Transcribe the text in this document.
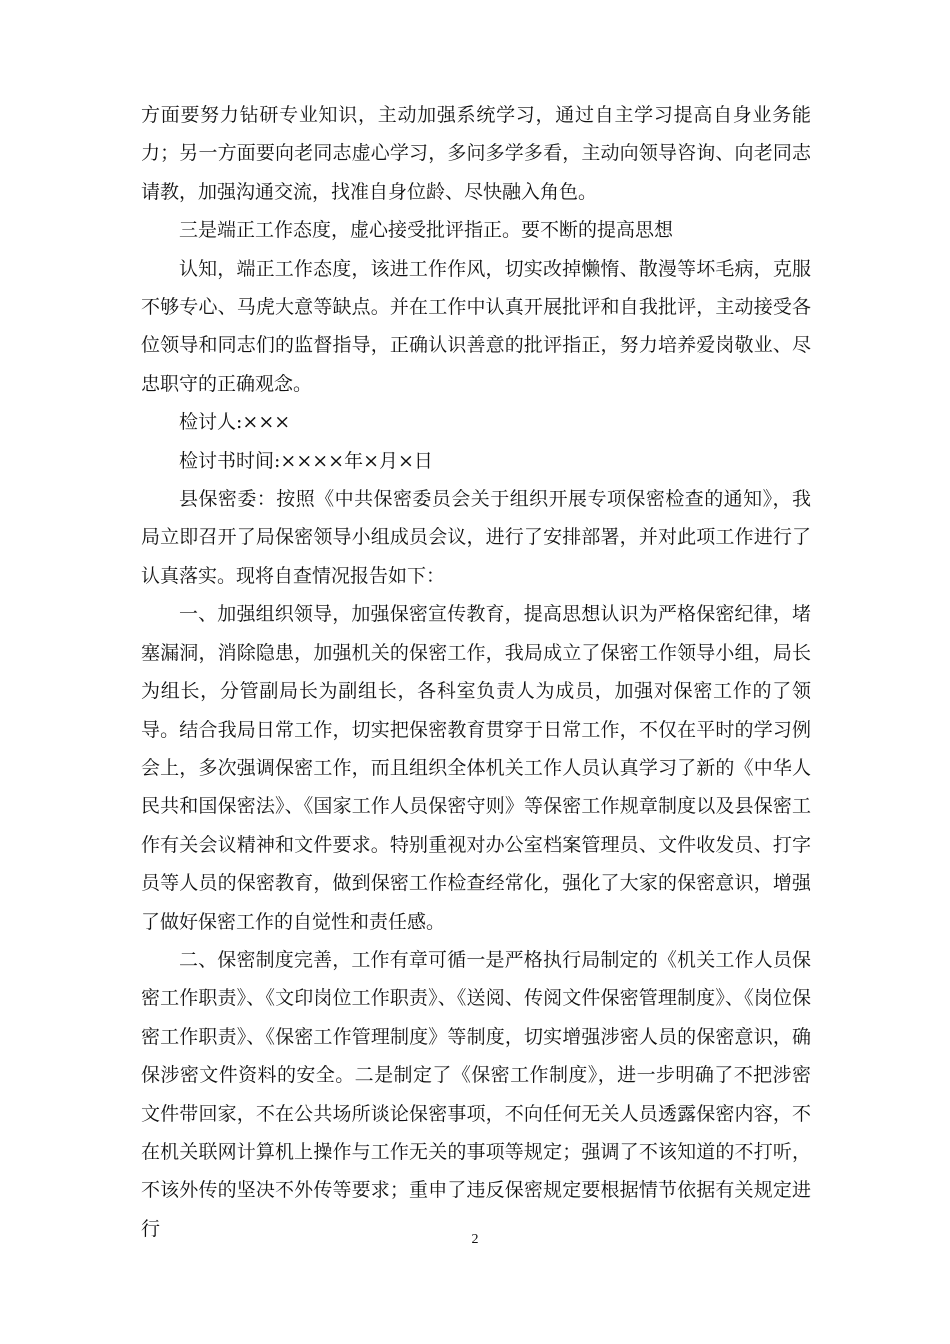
方面要努力钻研专业知识，主动加强系统学习，通过自主学习提高自身业务能力；另一方面要向老同志虚心学习，多问多学多看，主动向领导咨询、向老同志请教，加强沟通交流，找准自身位龄、尽快融入角色。

三是端正工作态度，虚心接受批评指正。要不断的提高思想

认知，端正工作态度，该进工作作风，切实改掉懒惰、散漫等坏毛病，克服不够专心、马虎大意等缺点。并在工作中认真开展批评和自我批评，主动接受各位领导和同志们的监督指导，正确认识善意的批评指正，努力培养爱岗敬业、尽忠职守的正确观念。

检讨人:×××

检讨书时间:××××年×月×日

县保密委：按照《中共保密委员会关于组织开展专项保密检查的通知》，我局立即召开了局保密领导小组成员会议，进行了安排部署，并对此项工作进行了认真落实。现将自查情况报告如下：

一、加强组织领导，加强保密宣传教育，提高思想认识为严格保密纪律，堵塞漏洞，消除隐患，加强机关的保密工作，我局成立了保密工作领导小组，局长为组长，分管副局长为副组长，各科室负责人为成员，加强对保密工作的了领导。结合我局日常工作，切实把保密教育贯穿于日常工作，不仅在平时的学习例会上，多次强调保密工作，而且组织全体机关工作人员认真学习了新的《中华人民共和国保密法》、《国家工作人员保密守则》等保密工作规章制度以及县保密工作有关会议精神和文件要求。特别重视对办公室档案管理员、文件收发员、打字员等人员的保密教育，做到保密工作检查经常化，强化了大家的保密意识，增强了做好保密工作的自觉性和责任感。

二、保密制度完善，工作有章可循一是严格执行局制定的《机关工作人员保密工作职责》、《文印岗位工作职责》、《送阅、传阅文件保密管理制度》、《岗位保密工作职责》、《保密工作管理制度》等制度，切实增强涉密人员的保密意识，确保涉密文件资料的安全。二是制定了《保密工作制度》，进一步明确了不把涉密文件带回家，不在公共场所谈论保密事项，不向任何无关人员透露保密内容，不在机关联网计算机上操作与工作无关的事项等规定；强调了不该知道的不打听，不该外传的坚决不外传等要求；重申了违反保密规定要根据情节依据有关规定进行	2
